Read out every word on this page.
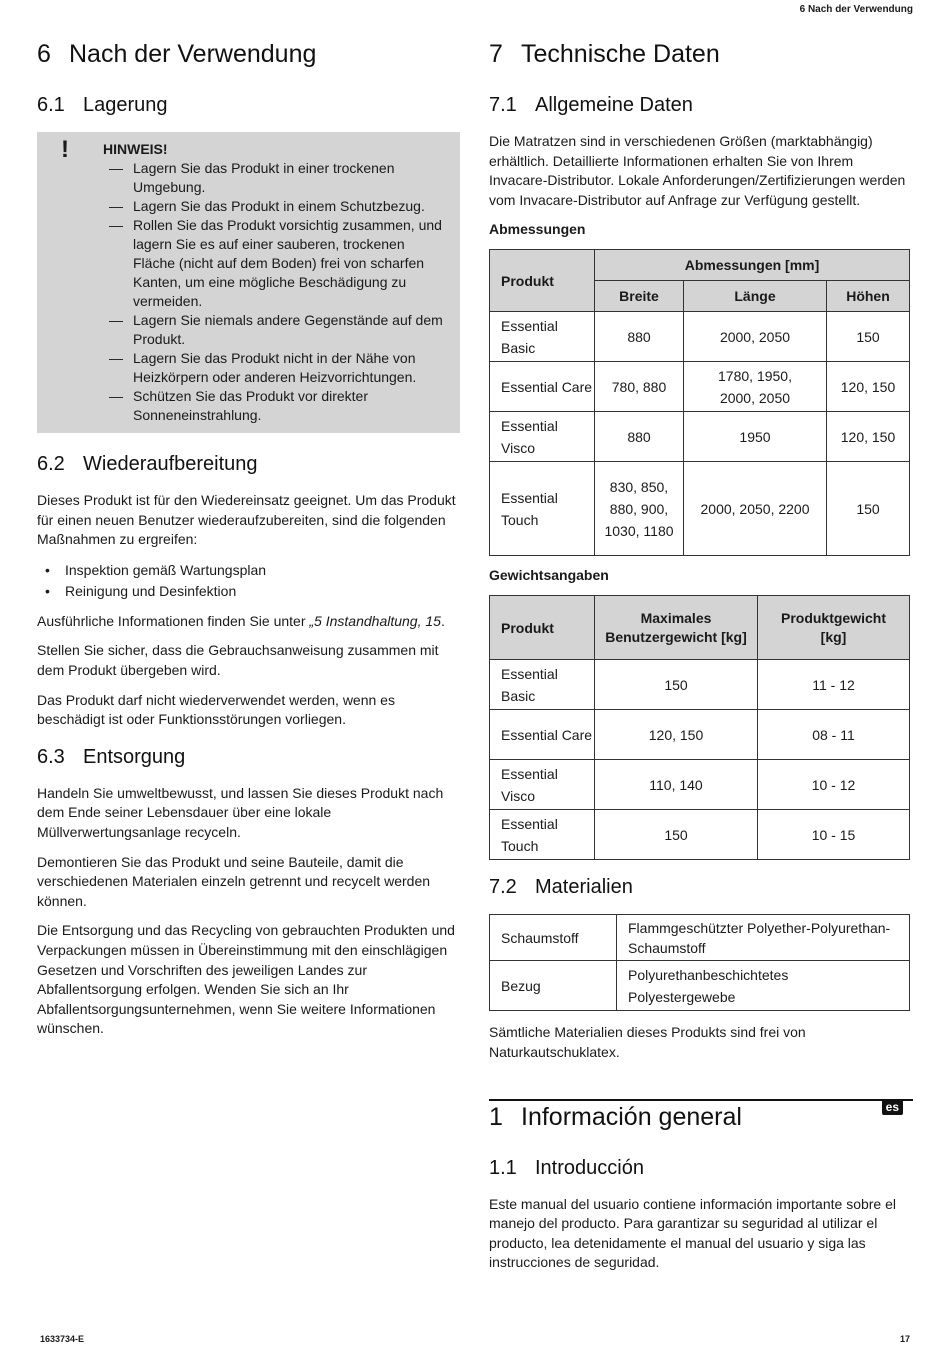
6 Nach der Verwendung
6 Nach der Verwendung
6.1 Lagerung
! HINWEIS!
— Lagern Sie das Produkt in einer trockenen Umgebung.
— Lagern Sie das Produkt in einem Schutzbezug.
— Rollen Sie das Produkt vorsichtig zusammen, und lagern Sie es auf einer sauberen, trockenen Fläche (nicht auf dem Boden) frei von scharfen Kanten, um eine mögliche Beschädigung zu vermeiden.
— Lagern Sie niemals andere Gegenstände auf dem Produkt.
— Lagern Sie das Produkt nicht in der Nähe von Heizkörpern oder anderen Heizvorrichtungen.
— Schützen Sie das Produkt vor direkter Sonneneinstrahlung.
6.2 Wiederaufbereitung

Dieses Produkt ist für den Wiedereinsatz geeignet. Um das Produkt für einen neuen Benutzer wiederaufzubereiten, sind die folgenden Maßnahmen zu ergreifen:

• Inspektion gemäß Wartungsplan
• Reinigung und Desinfektion

Ausführliche Informationen finden Sie unter „5 Instandhaltung, 15.

Stellen Sie sicher, dass die Gebrauchsanweisung zusammen mit dem Produkt übergeben wird.

Das Produkt darf nicht wiederverwendet werden, wenn es beschädigt ist oder Funktionsstörungen vorliegen.

6.3 Entsorgung

Handeln Sie umweltbewusst, und lassen Sie dieses Produkt nach dem Ende seiner Lebensdauer über eine lokale Müllverwertungsanlage recyceln.

Demontieren Sie das Produkt und seine Bauteile, damit die verschiedenen Materialen einzeln getrennt und recycelt werden können.

Die Entsorgung und das Recycling von gebrauchten Produkten und Verpackungen müssen in Übereinstimmung mit den einschlägigen Gesetzen und Vorschriften des jeweiligen Landes zur Abfallentsorgung erfolgen. Wenden Sie sich an Ihr Abfallentsorgungsunternehmen, wenn Sie weitere Informationen wünschen.

7 Technische Daten
7.1 Allgemeine Daten

Die Matratzen sind in verschiedenen Größen (marktabhängig) erhältlich. Detaillierte Informationen erhalten Sie von Ihrem Invacare-Distributor. Lokale Anforderungen/Zertifizierungen werden vom Invacare-Distributor auf Anfrage zur Verfügung gestellt.

Abmessungen
Produkt	Abmessungen [mm]		
	Breite	Länge	Höhen
Essential Basic	880	2000, 2050	150
Essential Care	780, 880	1780, 1950, 2000, 2050	120, 150
Essential Visco	880	1950	120, 150
Essential Touch	830, 850, 880, 900, 1030, 1180	2000, 2050, 2200	150
Gewichtsangaben
Produkt	Maximales Benutzergewicht [kg]	Produktgewicht [kg]
Essential Basic	150	11 - 12
Essential Care	120, 150	08 - 11
Essential Visco	110, 140	10 - 12
Essential Touch	150	10 - 15
7.2 Materialien
Schaumstoff	Flammgeschützter Polyether-Polyurethan-Schaumstoff
Bezug	Polyurethanbeschichtetes Polyestergewebe

Sämtliche Materialien dieses Produkts sind frei von Naturkautschuklatex.

es
1 Información general
1.1 Introducción

Este manual del usuario contiene información importante sobre el manejo del producto. Para garantizar su seguridad al utilizar el producto, lea detenidamente el manual del usuario y siga las instrucciones de seguridad.

1633734-E	17
